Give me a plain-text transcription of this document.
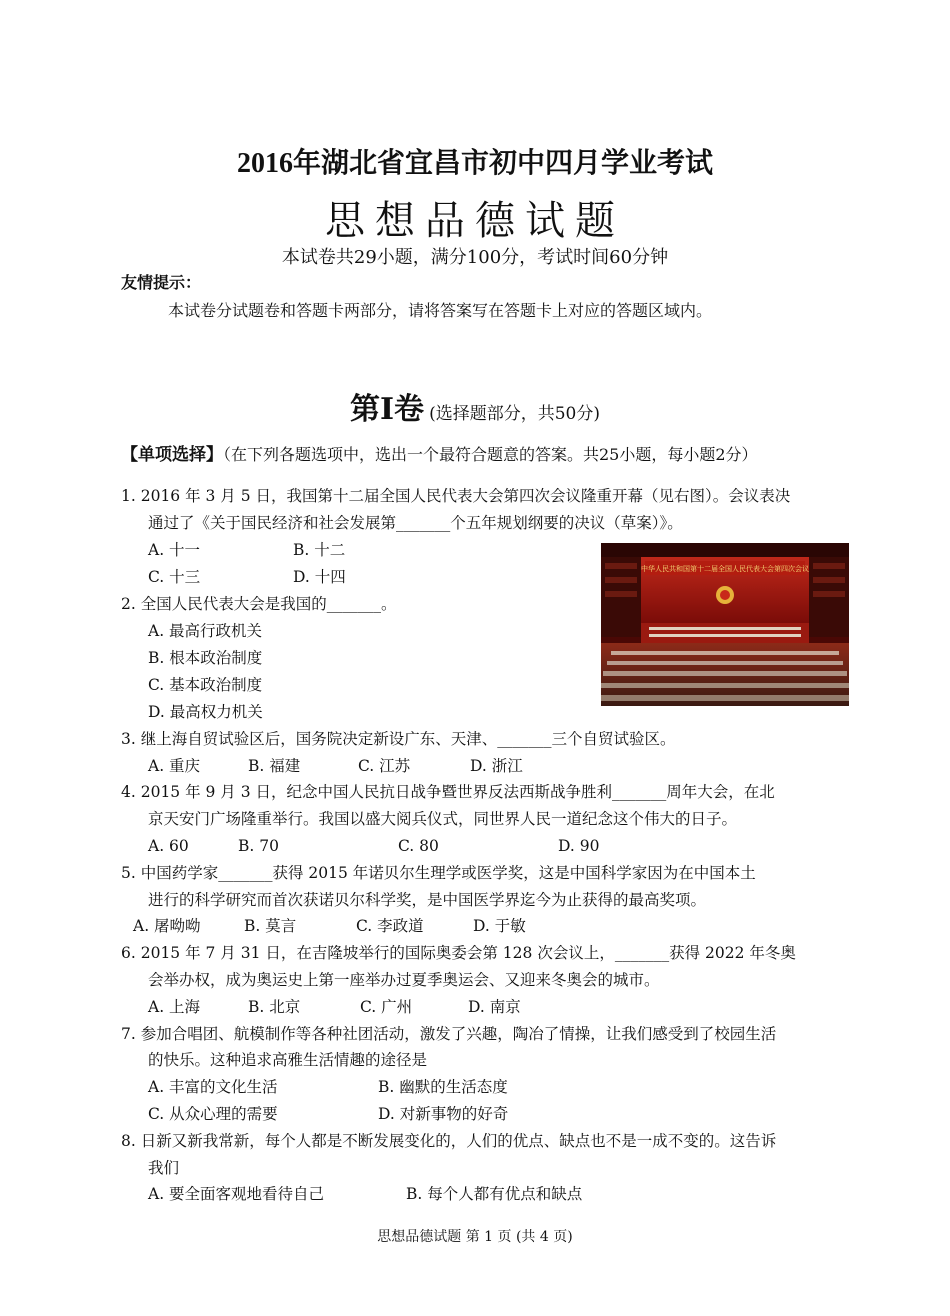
2016年湖北省宜昌市初中四月学业考试
思想品德试题
本试卷共29小题，满分100分，考试时间60分钟
友情提示：
本试卷分试题卷和答题卡两部分，请将答案写在答题卡上对应的答题区域内。
第Ⅰ卷 (选择题部分，共50分)
【单项选择】（在下列各题选项中，选出一个最符合题意的答案。共25小题，每小题2分）
1. 2016 年 3 月 5 日，我国第十二届全国人民代表大会第四次会议隆重开幕（见右图）。会议表决
通过了《关于国民经济和社会发展第_______个五年规划纲要的决议（草案）》。
A. 十一	B. 十二
C. 十三	D. 十四	中华人民共和国第十二届全国人民代表大会第四次会议
2. 全国人民代表大会是我国的_______。
A. 最高行政机关
B. 根本政治制度
C. 基本政治制度
D. 最高权力机关
3. 继上海自贸试验区后，国务院决定新设广东、天津、_______三个自贸试验区。
A. 重庆	B. 福建	C. 江苏	D. 浙江
4. 2015 年 9 月 3 日，纪念中国人民抗日战争暨世界反法西斯战争胜利_______周年大会，在北
京天安门广场隆重举行。我国以盛大阅兵仪式，同世界人民一道纪念这个伟大的日子。
A. 60	B. 70	C. 80	D. 90
5. 中国药学家_______获得 2015 年诺贝尔生理学或医学奖，这是中国科学家因为在中国本土
进行的科学研究而首次获诺贝尔科学奖，是中国医学界迄今为止获得的最高奖项。
A. 屠呦呦	B. 莫言	C. 李政道	D. 于敏
6. 2015 年 7 月 31 日，在吉隆坡举行的国际奥委会第 128 次会议上，_______获得 2022 年冬奥
会举办权，成为奥运史上第一座举办过夏季奥运会、又迎来冬奥会的城市。
A. 上海	B. 北京	C. 广州	D. 南京
7. 参加合唱团、航模制作等各种社团活动，激发了兴趣，陶冶了情操，让我们感受到了校园生活
的快乐。这种追求高雅生活情趣的途径是
A. 丰富的文化生活	B. 幽默的生活态度
C. 从众心理的需要	D. 对新事物的好奇
8. 日新又新我常新，每个人都是不断发展变化的，人们的优点、缺点也不是一成不变的。这告诉
我们
A. 要全面客观地看待自己	B. 每个人都有优点和缺点
思想品德试题 第 1 页 (共 4 页)
